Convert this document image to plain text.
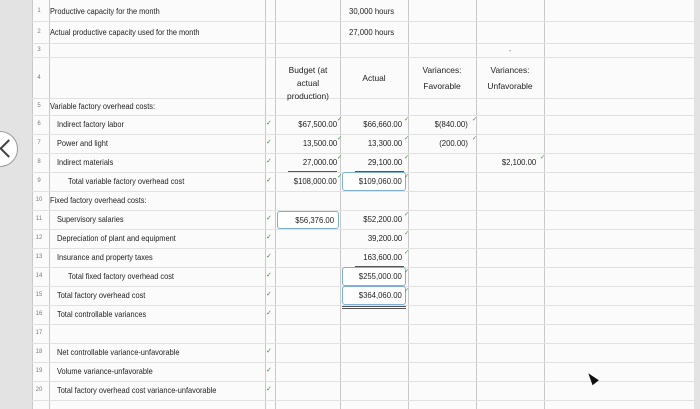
1
2
3
4
5
6
7
8
9
10
11
12
13
14
15
16
17
18
19
20
Productive capacity for the month
Actual productive capacity used for the month
Variable factory overhead costs:
Indirect factory labor
Power and light
Indirect materials
Total variable factory overhead cost
Fixed factory overhead costs:
Supervisory salaries
Depreciation of plant and equipment
Insurance and property taxes
Total fixed factory overhead cost
Total factory overhead cost
Total controllable variances
Net controllable variance-unfavorable
Volume variance-unfavorable
Total factory overhead cost variance-unfavorable
30,000 hours
27,000 hours
Budget (at actual production)
Actual
Variances:
Favorable
Variances:
Unfavorable
-
$67,500.00
13,500.00
27,000.00
$108,000.00
$56,376.00
$66,660.00
13,300.00
29,100.00
$109,060.00
$52,200.00
39,200.00
163,600.00
$255,000.00
$364,060.00
$(840.00)
(200.00)
$2,100.00
✓
✓
✓
✓
✓
✓
✓
✓
✓
✓
✓
✓
✓
✓
✓
✓
✓
✓
✓
✓
✓
✓
✓
✓
✓
✓
✓
✓
✓
